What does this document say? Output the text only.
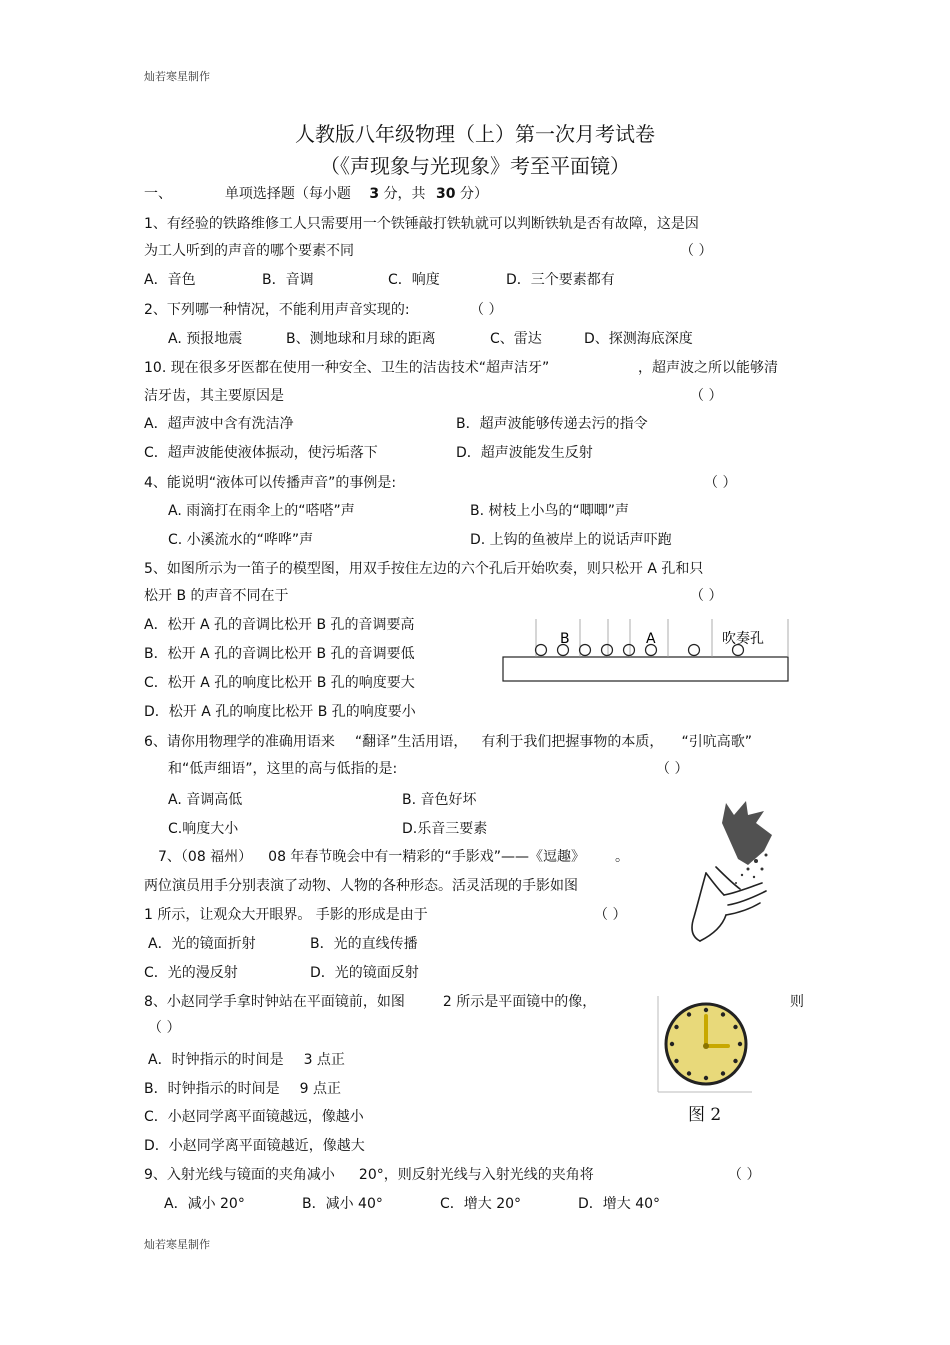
灿若寒星制作
人教版八年级物理（上）第一次月考试卷
（《声现象与光现象》考至平面镜）
一、	单项选择题（每小题 3 分，共 30 分）
1、有经验的铁路维修工人只需要用一个铁锤敲打铁轨就可以判断铁轨是否有故障，这是因
为工人听到的声音的哪个要素不同	（ ）
A．音色	B．音调	C．响度	D．三个要素都有
2、下列哪一种情况，不能利用声音实现的:	（ ）
A. 预报地震	B、测地球和月球的距离	C、雷达	D、探测海底深度
10. 现在很多牙医都在使用一种安全、卫生的洁齿技术“超声洁牙”	，超声波之所以能够清
洁牙齿，其主要原因是	（ ）
A．超声波中含有洗洁净	B．超声波能够传递去污的指令
C．超声波能使液体振动，使污垢落下	D．超声波能发生反射
4、能说明“液体可以传播声音”的事例是:	（ ）
A. 雨滴打在雨伞上的“嗒嗒”声	B. 树枝上小鸟的“唧唧”声
C. 小溪流水的“哗哗”声	D. 上钩的鱼被岸上的说话声吓跑
5、如图所示为一笛子的模型图，用双手按住左边的六个孔后开始吹奏，则只松开 A 孔和只
松开 B 的声音不同在于	（ ）
A．松开 A 孔的音调比松开 B 孔的音调要高
B．松开 A 孔的音调比松开 B 孔的音调要低
C．松开 A 孔的响度比松开 B 孔的响度要大
D．松开 A 孔的响度比松开 B 孔的响度要小
B	A	吹奏孔
6、请你用物理学的准确用语来 “翻译”生活用语， 有利于我们把握事物的本质， “引吭高歌”
和“低声细语”，这里的高与低指的是:	（ ）
A. 音调高低	B. 音色好坏
C.响度大小	D.乐音三要素
7、（08 福州） 08 年春节晚会中有一精彩的“手影戏”——《逗趣》 。
两位演员用手分别表演了动物、人物的各种形态。活灵活现的手影如图
1 所示，让观众大开眼界。 手影的形成是由于	（ ）
A．光的镜面折射	B．光的直线传播
C．光的漫反射	D．光的镜面反射
8、小赵同学手拿时钟站在平面镜前，如图	2 所示是平面镜中的像，	则
（ ）
A．时钟指示的时间是 3 点正
B．时钟指示的时间是 9 点正
C．小赵同学离平面镜越远，像越小
D．小赵同学离平面镜越近，像越大
图 2
9、入射光线与镜面的夹角减小 20°，则反射光线与入射光线的夹角将	（ ）
A．减小 20°	B．减小 40°	C．增大 20°	D．增大 40°
灿若寒星制作
